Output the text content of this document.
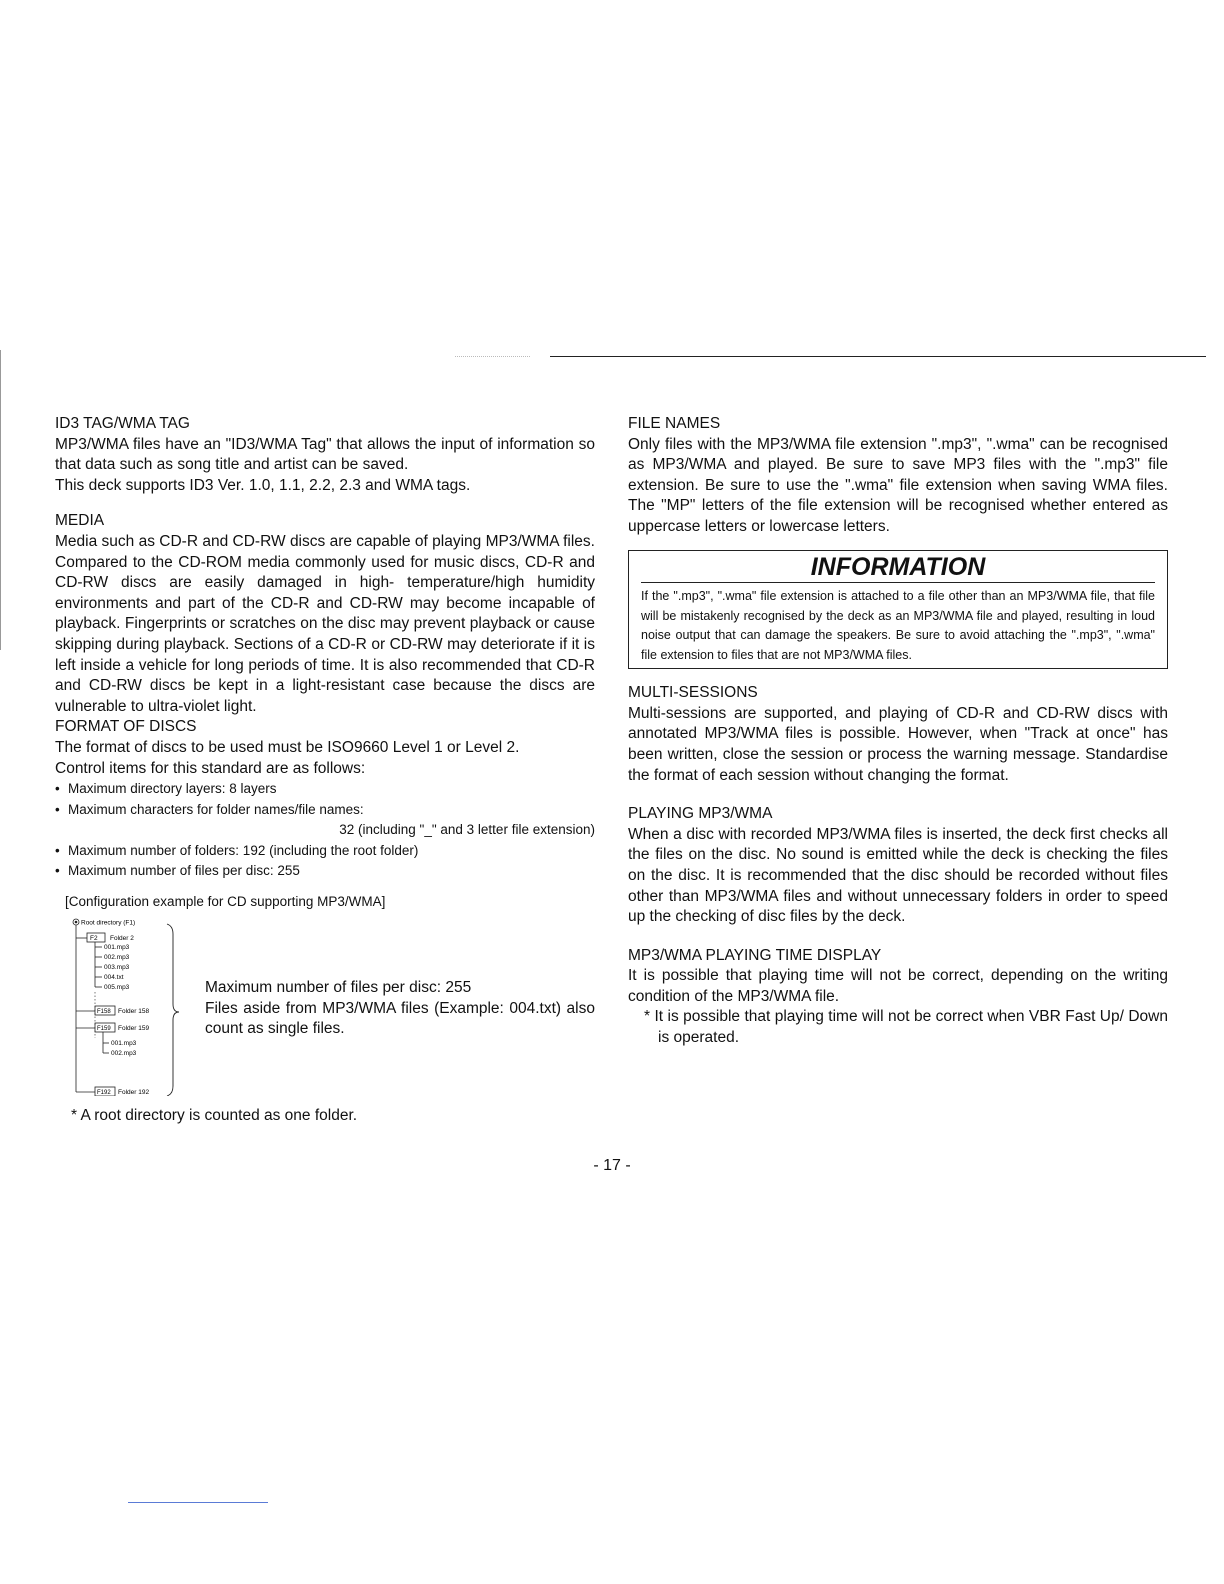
ID3 TAG/WMA TAG

MP3/WMA files have an "ID3/WMA Tag" that allows the input of information so that data such as song title and artist can be saved.

This deck supports ID3 Ver. 1.0, 1.1, 2.2, 2.3 and WMA tags.

MEDIA

Media such as CD-R and CD-RW discs are capable of playing MP3/WMA files. Compared to the CD-ROM media commonly used for music discs, CD-R and CD-RW discs are easily damaged in high- temperature/high humidity environments and part of the CD-R and CD-RW may become incapable of playback. Fingerprints or scratches on the disc may prevent playback or cause skipping during playback. Sections of a CD-R or CD-RW may deteriorate if it is left inside a vehicle for long periods of time. It is also recommended that CD-R and CD-RW discs be kept in a light-resistant case because the discs are vulnerable to ultra-violet light.

FORMAT OF DISCS

The format of discs to be used must be ISO9660 Level 1 or Level 2.

Control items for this standard are as follows:

• Maximum directory layers: 8 layers
• Maximum characters for folder names/file names:
32 (including "_" and 3 letter file extension)
• Maximum number of folders: 192 (including the root folder)
• Maximum number of files per disc: 255

[Configuration example for CD supporting MP3/WMA]

Root directory (F1)
F2 Folder 2
001.mp3
002.mp3
003.mp3
004.txt
005.mp3
F158 Folder 158
F159 Folder 159
001.mp3
002.mp3
F192 Folder 192

Maximum number of files per disc: 255

Files aside from MP3/WMA files (Example: 004.txt) also count as single files.

* A root directory is counted as one folder.

FILE NAMES

Only files with the MP3/WMA file extension ".mp3", ".wma" can be recognised as MP3/WMA and played. Be sure to save MP3 files with the ".mp3" file extension. Be sure to use the ".wma" file extension when saving WMA files. The "MP" letters of the file extension will be recognised whether entered as uppercase letters or lowercase letters.

INFORMATION
If the ".mp3", ".wma" file extension is attached to a file other than an MP3/WMA file, that file will be mistakenly recognised by the deck as an MP3/WMA file and played, resulting in loud noise output that can damage the speakers. Be sure to avoid attaching the ".mp3", ".wma" file extension to files that are not MP3/WMA files.
MULTI-SESSIONS

Multi-sessions are supported, and playing of CD-R and CD-RW discs with annotated MP3/WMA files is possible. However, when "Track at once" has been written, close the session or process the warning message. Standardise the format of each session without changing the format.

PLAYING MP3/WMA

When a disc with recorded MP3/WMA files is inserted, the deck first checks all the files on the disc. No sound is emitted while the deck is checking the files on the disc. It is recommended that the disc should be recorded without files other than MP3/WMA files and without unnecessary folders in order to speed up the checking of disc files by the deck.

MP3/WMA PLAYING TIME DISPLAY

It is possible that playing time will not be correct, depending on the writing condition of the MP3/WMA file.

* It is possible that playing time will not be correct when VBR Fast Up/ Down is operated.

- 17 -
